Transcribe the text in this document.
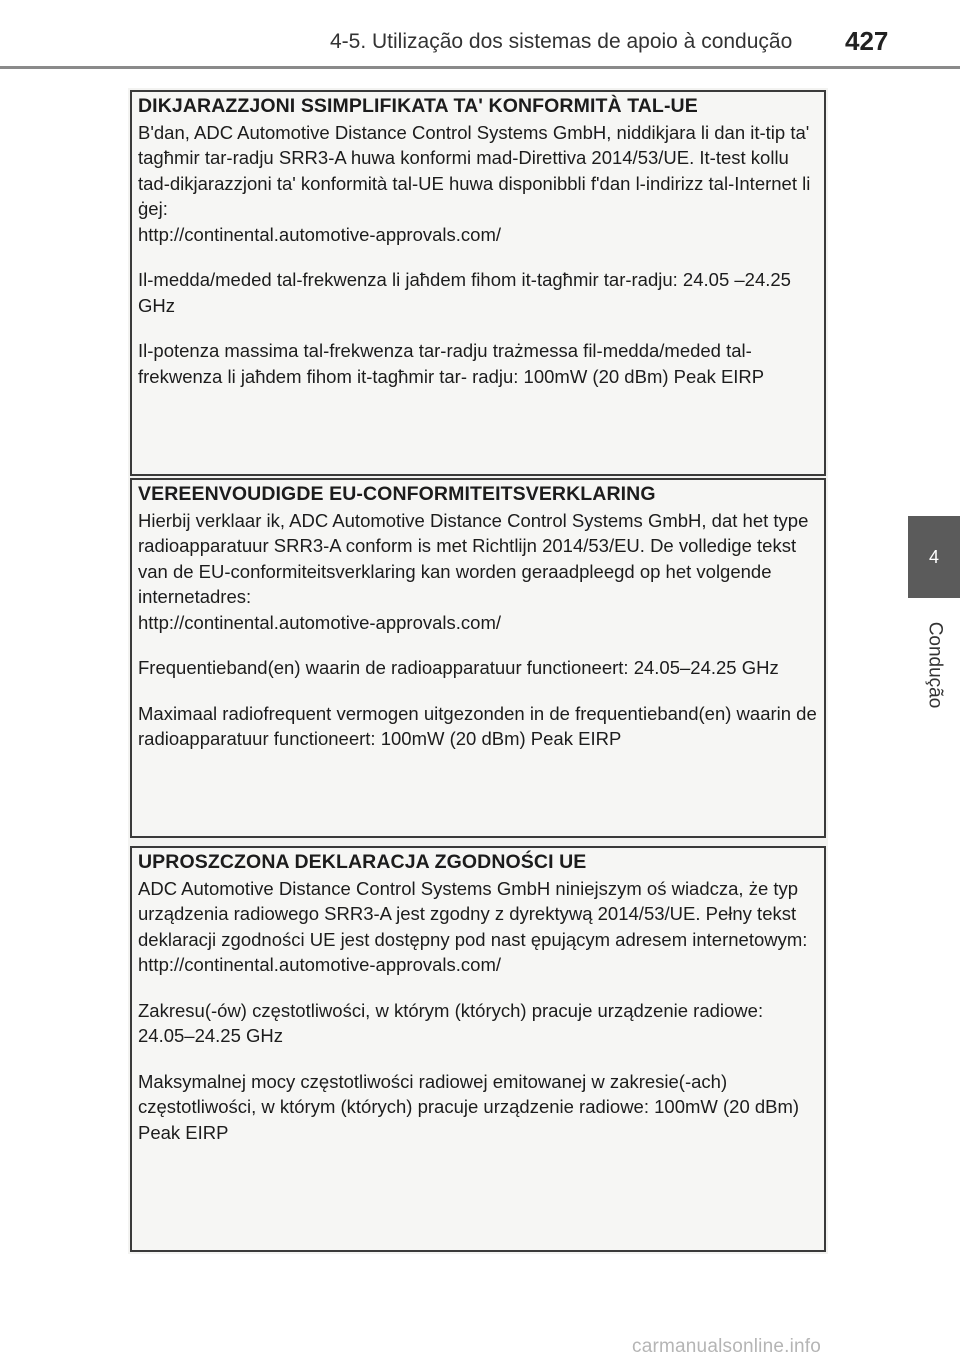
4-5. Utilização dos sistemas de apoio à condução 427
4
Condução

DIKJARAZZJONI SSIMPLIFIKATA TA' KONFORMITÀ TAL-UE

B'dan, ADC Automotive Distance Control Systems GmbH, niddikjara li dan it-tip ta' tagħmir tar-radju SRR3-A huwa konformi mad-Direttiva 2014/53/UE. It-test kollu tad-dikjarazzjoni ta' konformità tal-UE huwa disponibbli f'dan l-indirizz tal-Internet li ġej:

http://continental.automotive-approvals.com/

Il-medda/meded tal-frekwenza li jaħdem fihom it-tagħmir tar-radju: 24.05 –24.25 GHz

Il-potenza massima tal-frekwenza tar-radju trażmessa fil-medda/meded tal-frekwenza li jaħdem fihom it-tagħmir tar- radju: 100mW (20 dBm) Peak EIRP

VEREENVOUDIGDE EU-CONFORMITEITSVERKLARING

Hierbij verklaar ik, ADC Automotive Distance Control Systems GmbH, dat het type radioapparatuur SRR3-A conform is met Richtlijn 2014/53/EU. De volledige tekst van de EU-conformiteitsverklaring kan worden geraadpleegd op het volgende internetadres:

http://continental.automotive-approvals.com/

Frequentieband(en) waarin de radioapparatuur functioneert: 24.05–24.25 GHz

Maximaal radiofrequent vermogen uitgezonden in de frequentieband(en) waarin de radioapparatuur functioneert: 100mW (20 dBm) Peak EIRP

UPROSZCZONA DEKLARACJA ZGODNOŚCI UE

ADC Automotive Distance Control Systems GmbH niniejszym oś wiadcza, że typ urządzenia radiowego SRR3-A jest zgodny z dyrektywą 2014/53/UE. Pełny tekst deklaracji zgodności UE jest dostępny pod nast ępującym adresem internetowym:

http://continental.automotive-approvals.com/

Zakresu(-ów) częstotliwości, w którym (których) pracuje urządzenie radiowe: 24.05–24.25 GHz

Maksymalnej mocy częstotliwości radiowej emitowanej w zakresie(-ach) częstotliwości, w którym (których) pracuje urządzenie radiowe: 100mW (20 dBm) Peak EIRP

carmanualsonline.info
